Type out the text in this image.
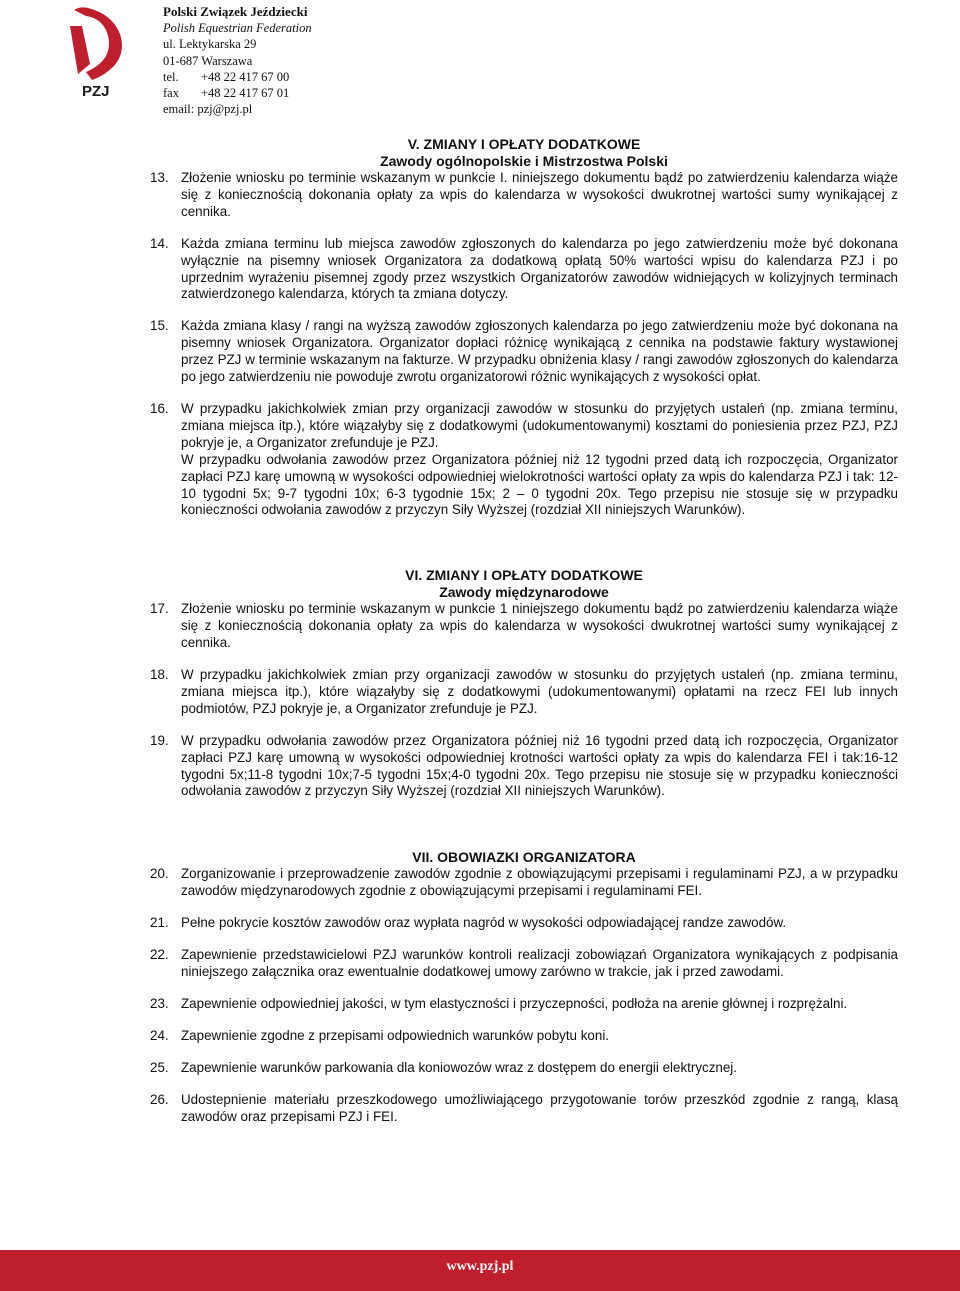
PZJ
Polski Związek Jeździecki
Polish Equestrian Federation
ul. Lektykarska 29
01-687 Warszawa
tel. +48 22 417 67 00
fax +48 22 417 67 01
email: pzj@pzj.pl
V. ZMIANY I OPŁATY DODATKOWE
Zawody ogólnopolskie i Mistrzostwa Polski
13. Złożenie wniosku po terminie wskazanym w punkcie I. niniejszego dokumentu bądź po zatwierdzeniu kalendarza wiąże się z koniecznością dokonania opłaty za wpis do kalendarza w wysokości dwukrotnej wartości sumy wynikającej z cennika.

14. Każda zmiana terminu lub miejsca zawodów zgłoszonych do kalendarza po jego zatwierdzeniu może być dokonana wyłącznie na pisemny wniosek Organizatora za dodatkową opłatą 50% wartości wpisu do kalendarza PZJ i po uprzednim wyrażeniu pisemnej zgody przez wszystkich Organizatorów zawodów widniejących w kolizyjnych terminach zatwierdzonego kalendarza, których ta zmiana dotyczy.

15. Każda zmiana klasy / rangi na wyższą zawodów zgłoszonych kalendarza po jego zatwierdzeniu może być dokonana na pisemny wniosek Organizatora. Organizator dopłaci różnicę wynikającą z cennika na podstawie faktury wystawionej przez PZJ w terminie wskazanym na fakturze. W przypadku obniżenia klasy / rangi zawodów zgłoszonych do kalendarza po jego zatwierdzeniu nie powoduje zwrotu organizatorowi różnic wynikających z wysokości opłat.

16. W przypadku jakichkolwiek zmian przy organizacji zawodów w stosunku do przyjętych ustaleń (np. zmiana terminu, zmiana miejsca itp.), które wiązałyby się z dodatkowymi (udokumentowanymi) kosztami do poniesienia przez PZJ, PZJ pokryje je, a Organizator zrefunduje je PZJ.

W przypadku odwołania zawodów przez Organizatora później niż 12 tygodni przed datą ich rozpoczęcia, Organizator zapłaci PZJ karę umowną w wysokości odpowiedniej wielokrotności wartości opłaty za wpis do kalendarza PZJ i tak: 12-10 tygodni 5x; 9-7 tygodni 10x; 6-3 tygodnie 15x; 2 – 0 tygodni 20x. Tego przepisu nie stosuje się w przypadku konieczności odwołania zawodów z przyczyn Siły Wyższej (rozdział XII niniejszych Warunków).

VI. ZMIANY I OPŁATY DODATKOWE
Zawody międzynarodowe
17. Złożenie wniosku po terminie wskazanym w punkcie 1 niniejszego dokumentu bądź po zatwierdzeniu kalendarza wiąże się z koniecznością dokonania opłaty za wpis do kalendarza w wysokości dwukrotnej wartości sumy wynikającej z cennika.

18. W przypadku jakichkolwiek zmian przy organizacji zawodów w stosunku do przyjętych ustaleń (np. zmiana terminu, zmiana miejsca itp.), które wiązałyby się z dodatkowymi (udokumentowanymi) opłatami na rzecz FEI lub innych podmiotów, PZJ pokryje je, a Organizator zrefunduje je PZJ.

19. W przypadku odwołania zawodów przez Organizatora później niż 16 tygodni przed datą ich rozpoczęcia, Organizator zapłaci PZJ karę umowną w wysokości odpowiedniej krotności wartości opłaty za wpis do kalendarza FEI i tak:16-12 tygodni 5x;11-8 tygodni 10x;7-5 tygodni 15x;4-0 tygodni 20x. Tego przepisu nie stosuje się w przypadku konieczności odwołania zawodów z przyczyn Siły Wyższej (rozdział XII niniejszych Warunków).

VII. OBOWIAZKI ORGANIZATORA
20. Zorganizowanie i przeprowadzenie zawodów zgodnie z obowiązującymi przepisami i regulaminami PZJ, a w przypadku zawodów międzynarodowych zgodnie z obowiązującymi przepisami i regulaminami FEI.

21. Pełne pokrycie kosztów zawodów oraz wypłata nagród w wysokości odpowiadającej randze zawodów.

22. Zapewnienie przedstawicielowi PZJ warunków kontroli realizacji zobowiązań Organizatora wynikających z podpisania niniejszego załącznika oraz ewentualnie dodatkowej umowy zarówno w trakcie, jak i przed zawodami.

23. Zapewnienie odpowiedniej jakości, w tym elastyczności i przyczepności, podłoża na arenie głównej i rozprężalni.

24. Zapewnienie zgodne z przepisami odpowiednich warunków pobytu koni.

25. Zapewnienie warunków parkowania dla koniowozów wraz z dostępem do energii elektrycznej.

26. Udostepnienie materiału przeszkodowego umożliwiającego przygotowanie torów przeszkód zgodnie z rangą, klasą zawodów oraz przepisami PZJ i FEI.

www.pzj.pl
